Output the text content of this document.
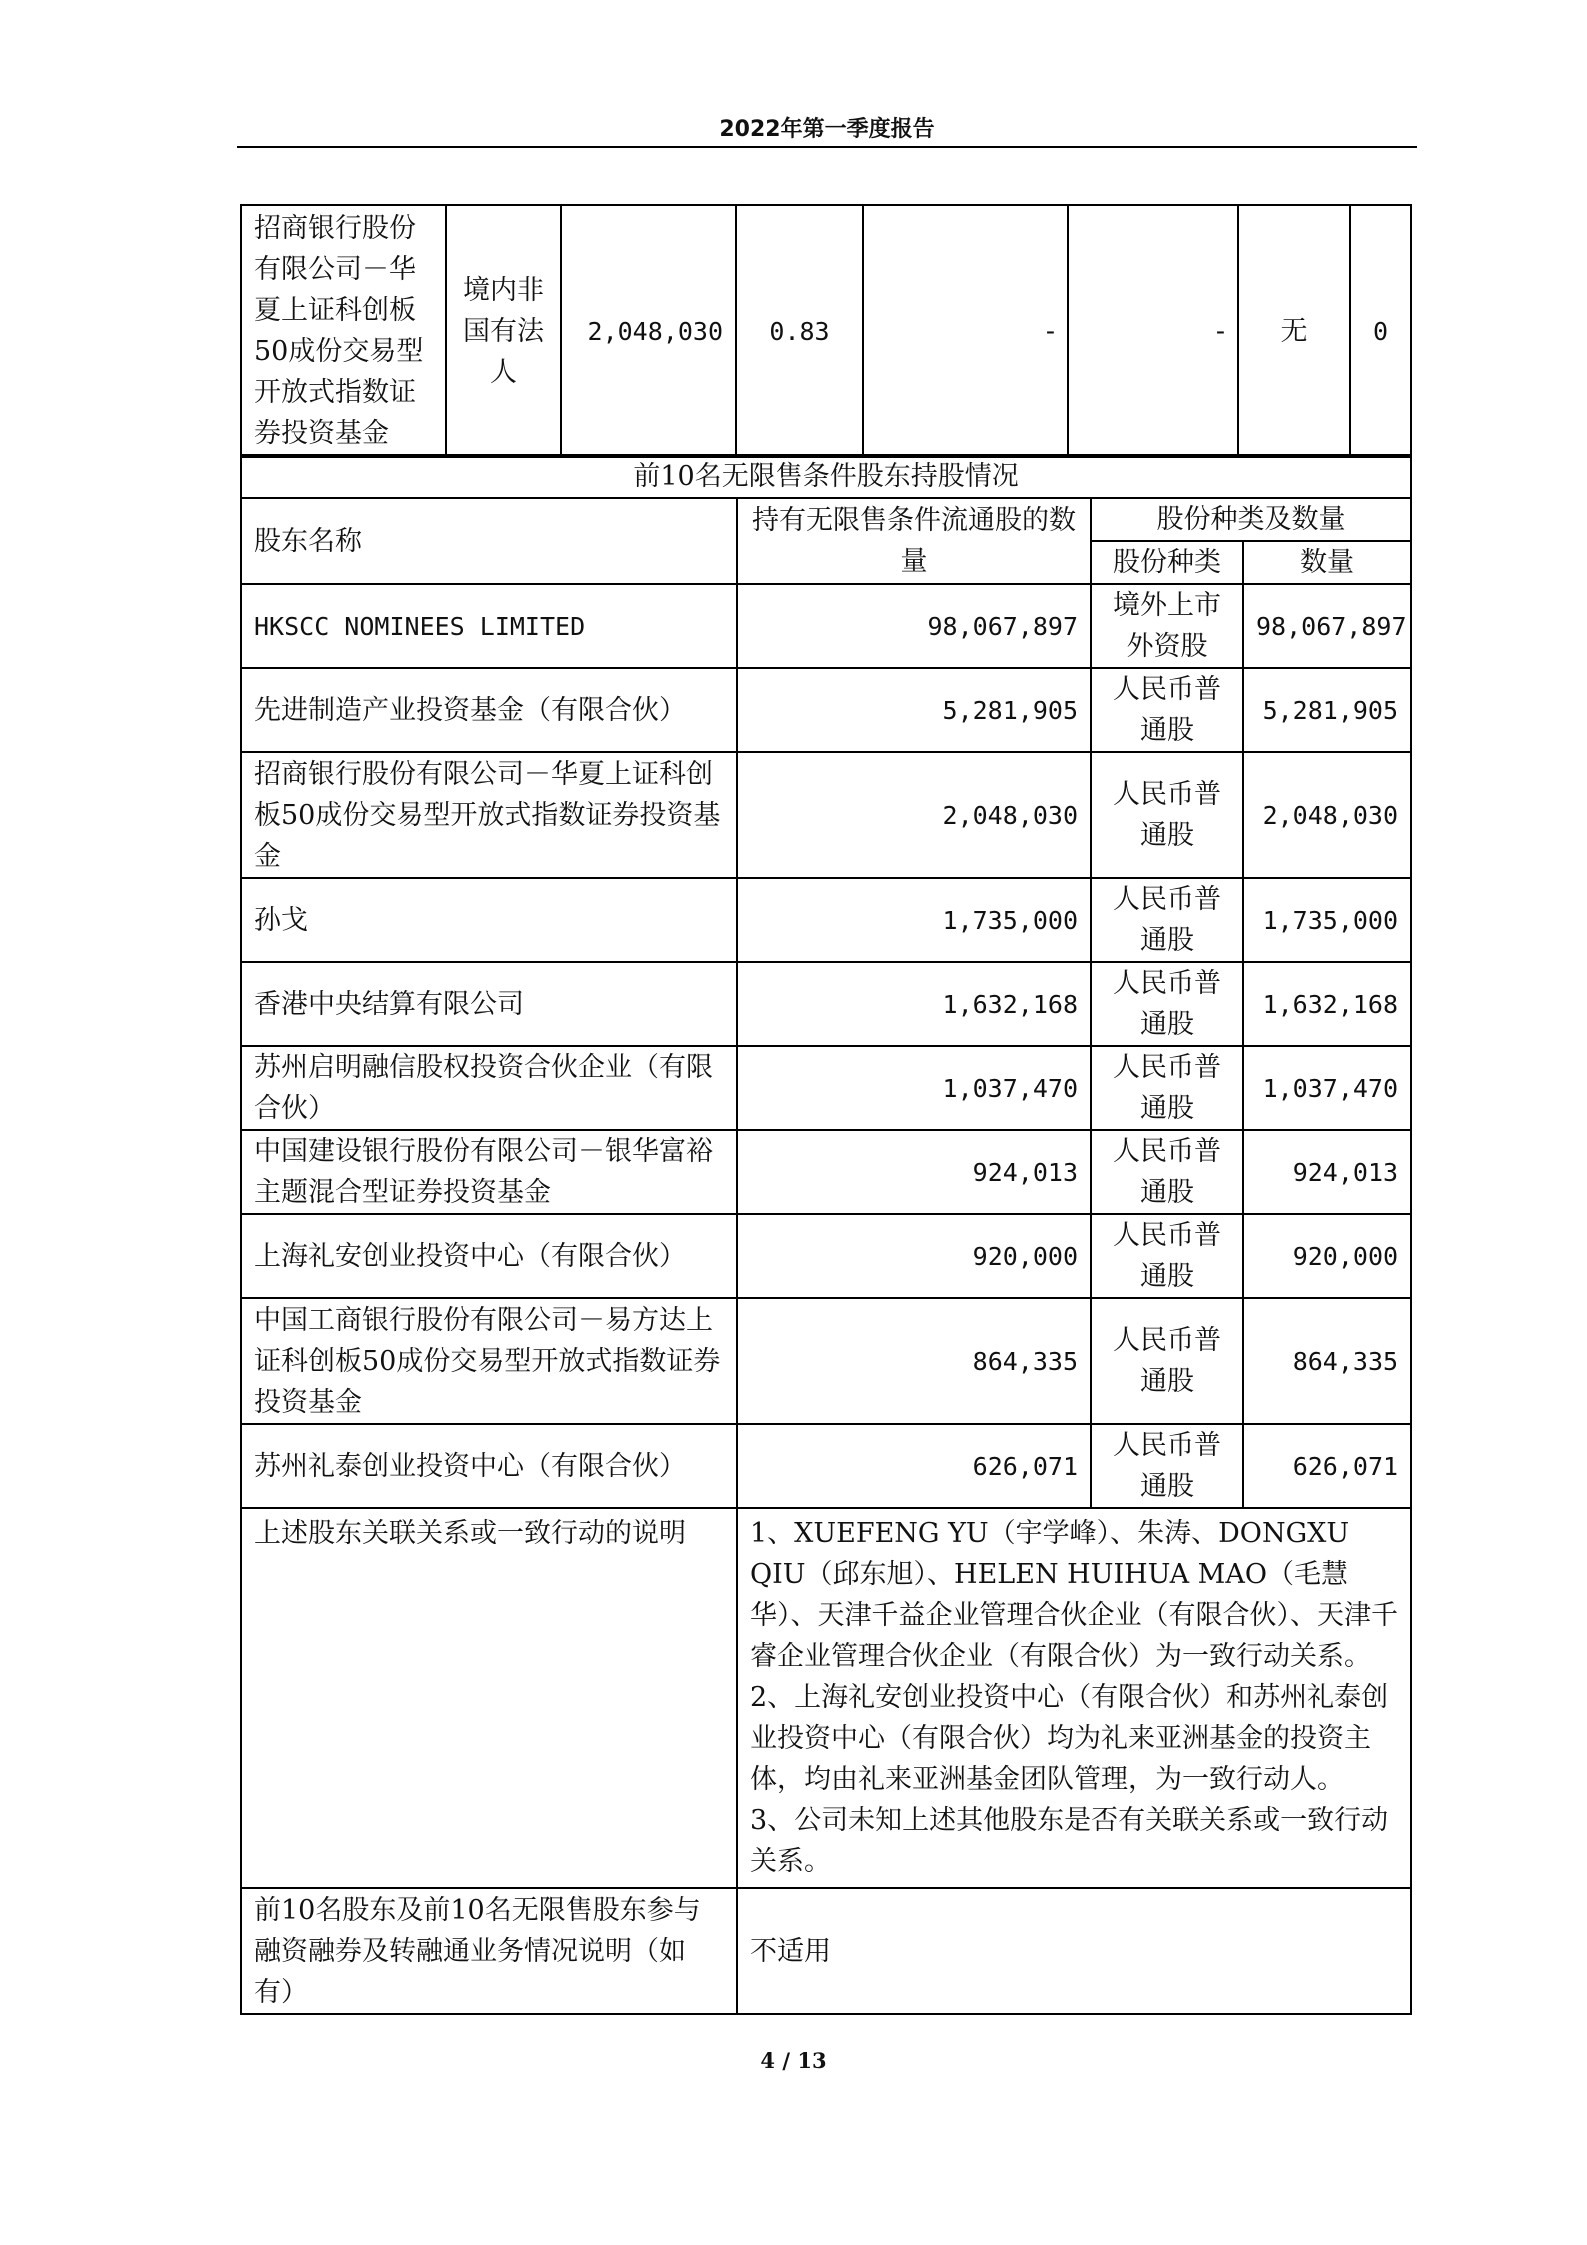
2022年第一季度报告
招商银行股份有限公司－华夏上证科创板50成份交易型开放式指数证券投资基金	境内非国有法人	2,048,030	0.83	-	-	无	0
前10名无限售条件股东持股情况			
股东名称	持有无限售条件流通股的数量	股份种类及数量	
		股份种类	数量
HKSCC NOMINEES LIMITED	98,067,897	境外上市外资股	98,067,897
先进制造产业投资基金（有限合伙）	5,281,905	人民币普通股	5,281,905
招商银行股份有限公司－华夏上证科创板50成份交易型开放式指数证券投资基金	2,048,030	人民币普通股	2,048,030
孙戈	1,735,000	人民币普通股	1,735,000
香港中央结算有限公司	1,632,168	人民币普通股	1,632,168
苏州启明融信股权投资合伙企业（有限合伙）	1,037,470	人民币普通股	1,037,470
中国建设银行股份有限公司－银华富裕主题混合型证券投资基金	924,013	人民币普通股	924,013
上海礼安创业投资中心（有限合伙）	920,000	人民币普通股	920,000
中国工商银行股份有限公司－易方达上证科创板50成份交易型开放式指数证券投资基金	864,335	人民币普通股	864,335
苏州礼泰创业投资中心（有限合伙）	626,071	人民币普通股	626,071
上述股东关联关系或一致行动的说明	1、XUEFENG YU（宇学峰）、朱涛、DONGXU QIU（邱东旭）、HELEN HUIHUA MAO（毛慧华）、天津千益企业管理合伙企业（有限合伙）、天津千睿企业管理合伙企业（有限合伙）为一致行动关系。
2、上海礼安创业投资中心（有限合伙）和苏州礼泰创业投资中心（有限合伙）均为礼来亚洲基金的投资主体，均由礼来亚洲基金团队管理，为一致行动人。
3、公司未知上述其他股东是否有关联关系或一致行动关系。		

前10名股东及前10名无限售股东参与融资融券及转融通业务情况说明（如有）	不适用		
4 / 13
